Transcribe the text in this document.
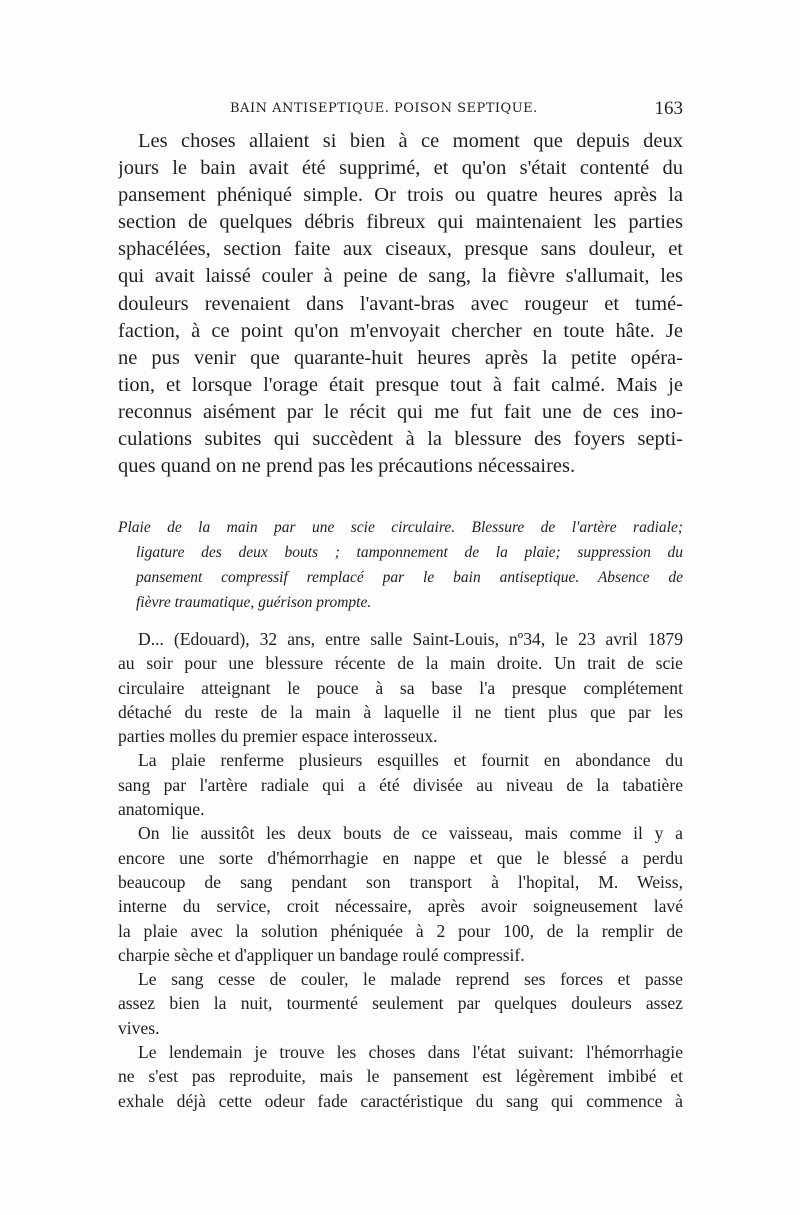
BAIN ANTISEPTIQUE. POISON SEPTIQUE.	163
Les choses allaient si bien à ce moment que depuis deux
jours le bain avait été supprimé, et qu'on s'était contenté du
pansement phéniqué simple. Or trois ou quatre heures après la
section de quelques débris fibreux qui maintenaient les parties
sphacélées, section faite aux ciseaux, presque sans douleur, et
qui avait laissé couler à peine de sang, la fièvre s'allumait, les
douleurs revenaient dans l'avant-bras avec rougeur et tumé-
faction, à ce point qu'on m'envoyait chercher en toute hâte. Je
ne pus venir que quarante-huit heures après la petite opéra-
tion, et lorsque l'orage était presque tout à fait calmé. Mais je
reconnus aisément par le récit qui me fut fait une de ces ino-
culations subites qui succèdent à la blessure des foyers septi-
ques quand on ne prend pas les précautions nécessaires.
Plaie de la main par une scie circulaire. Blessure de l'artère radiale;
ligature des deux bouts ; tamponnement de la plaie; suppression du
pansement compressif remplacé par le bain antiseptique. Absence de
fièvre traumatique, guérison prompte.
D... (Edouard), 32 ans, entre salle Saint-Louis, nº34, le 23 avril 1879
au soir pour une blessure récente de la main droite. Un trait de scie
circulaire atteignant le pouce à sa base l'a presque complétement
détaché du reste de la main à laquelle il ne tient plus que par les
parties molles du premier espace interosseux.
La plaie renferme plusieurs esquilles et fournit en abondance du
sang par l'artère radiale qui a été divisée au niveau de la tabatière
anatomique.
On lie aussitôt les deux bouts de ce vaisseau, mais comme il y a
encore une sorte d'hémorrhagie en nappe et que le blessé a perdu
beaucoup de sang pendant son transport à l'hopital, M. Weiss,
interne du service, croit nécessaire, après avoir soigneusement lavé
la plaie avec la solution phéniquée à 2 pour 100, de la remplir de
charpie sèche et d'appliquer un bandage roulé compressif.
Le sang cesse de couler, le malade reprend ses forces et passe
assez bien la nuit, tourmenté seulement par quelques douleurs assez
vives.
Le lendemain je trouve les choses dans l'état suivant: l'hémorrhagie
ne s'est pas reproduite, mais le pansement est légèrement imbibé et
exhale déjà cette odeur fade caractéristique du sang qui commence à
